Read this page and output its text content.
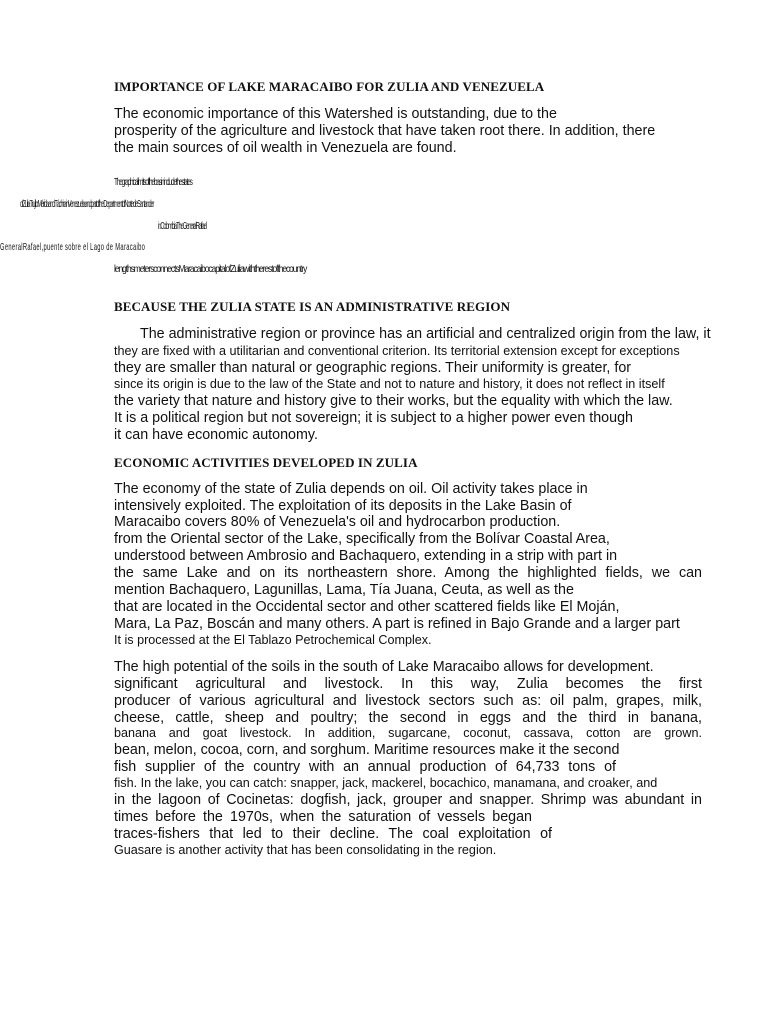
IMPORTANCE OF LAKE MARACAIBO FOR ZULIA AND VENEZUELA
The economic importance of this Watershed is outstanding, due to the
prosperity of the agriculture and livestock that have taken root there. In addition, there
the main sources of oil wealth in Venezuela are found.
Thegraphicallimitsofthebasinincludethestates
ofZuliaTrujilloMéridaandTáchirainVenezuelaandpartoftheDepartmentofNortedeSantander
inColombiaTheGeneralRafael
GeneralRafael,puente sobre el Lago de Maracaibo
lengthsmetersconnectsMaracaibocapitalofZuliawiththerestofthecountry
BECAUSE THE ZULIA STATE IS AN ADMINISTRATIVE REGION
The administrative region or province has an artificial and centralized origin from the law, it
they are fixed with a utilitarian and conventional criterion. Its territorial extension except for exceptions
they are smaller than natural or geographic regions. Their uniformity is greater, for
since its origin is due to the law of the State and not to nature and history, it does not reflect in itself
the variety that nature and history give to their works, but the equality with which the law.
It is a political region but not sovereign; it is subject to a higher power even though
it can have economic autonomy.
ECONOMIC ACTIVITIES DEVELOPED IN ZULIA
The economy of the state of Zulia depends on oil. Oil activity takes place in
intensively exploited. The exploitation of its deposits in the Lake Basin of
Maracaibo covers 80% of Venezuela's oil and hydrocarbon production.
from the Oriental sector of the Lake, specifically from the Bolívar Coastal Area,
understood between Ambrosio and Bachaquero, extending in a strip with part in
the same Lake and on its northeastern shore. Among the highlighted fields, we can
mention Bachaquero, Lagunillas, Lama, Tía Juana, Ceuta, as well as the
that are located in the Occidental sector and other scattered fields like El Moján,
Mara, La Paz, Boscán and many others. A part is refined in Bajo Grande and a larger part
It is processed at the El Tablazo Petrochemical Complex.
The high potential of the soils in the south of Lake Maracaibo allows for development.
significant agricultural and livestock. In this way, Zulia becomes the first
producer of various agricultural and livestock sectors such as: oil palm, grapes, milk,
cheese, cattle, sheep and poultry; the second in eggs and the third in banana,
banana and goat livestock. In addition, sugarcane, coconut, cassava, cotton are grown.
bean, melon, cocoa, corn, and sorghum. Maritime resources make it the second
fish supplier of the country with an annual production of 64,733 tons of
fish. In the lake, you can catch: snapper, jack, mackerel, bocachico, manamana, and croaker, and
in the lagoon of Cocinetas: dogfish, jack, grouper and snapper. Shrimp was abundant in
times before the 1970s, when the saturation of vessels began
traces-fishers that led to their decline. The coal exploitation of
Guasare is another activity that has been consolidating in the region.
